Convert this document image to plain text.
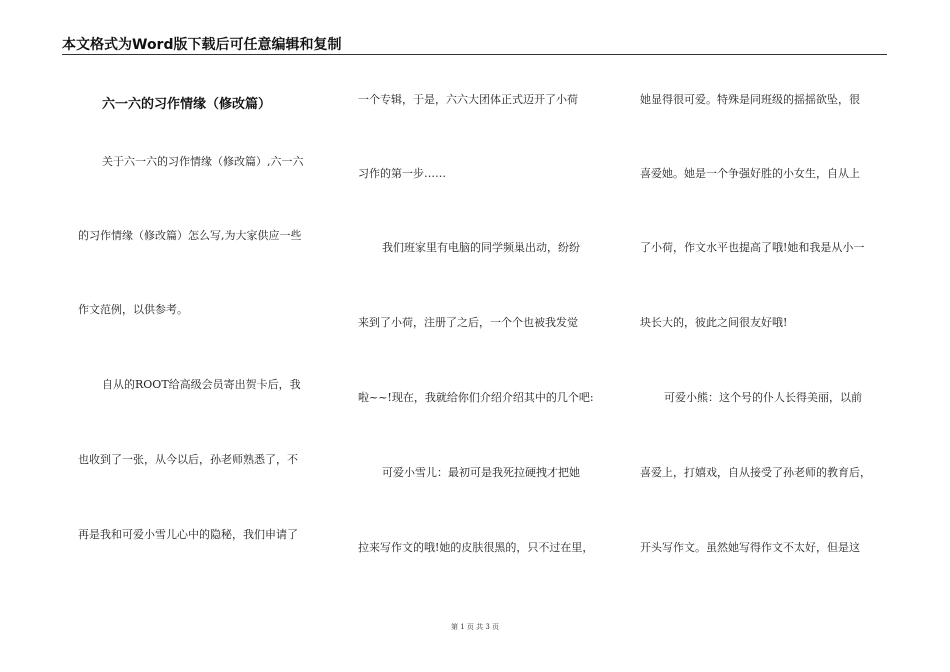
本文格式为Word版下载后可任意编辑和复制
六一六的习作情缘（修改篇）
关于六一六的习作情缘（修改篇）,六一六
的习作情缘（修改篇）怎么写,为大家供应一些
作文范例，以供参考。
自从的ROOT给高级会员寄出贺卡后，我
也收到了一张，从今以后，孙老师熟悉了，不
再是我和可爱小雪儿心中的隐秘，我们申请了
一个专辑，于是，六六大团体正式迈开了小荷
习作的第一步……
我们班家里有电脑的同学频巢出动，纷纷
来到了小荷，注册了之后，一个个也被我发觉
啦~~!现在，我就给你们介绍介绍其中的几个吧:
可爱小雪儿：最初可是我死拉硬拽才把她
拉来写作文的哦!她的皮肤很黑的，只不过在里，
她显得很可爱。特殊是同班级的摇摇欲坠，很
喜爱她。她是一个争强好胜的小女生，自从上
了小荷，作文水平也提高了哦!她和我是从小一
块长大的，彼此之间很友好哦!
可爱小熊：这个号的仆人长得美丽，以前
喜爱上，打嬉戏，自从接受了孙老师的教育后，
开头写作文。虽然她写得作文不太好，但是这
第 1 页 共 3 页
